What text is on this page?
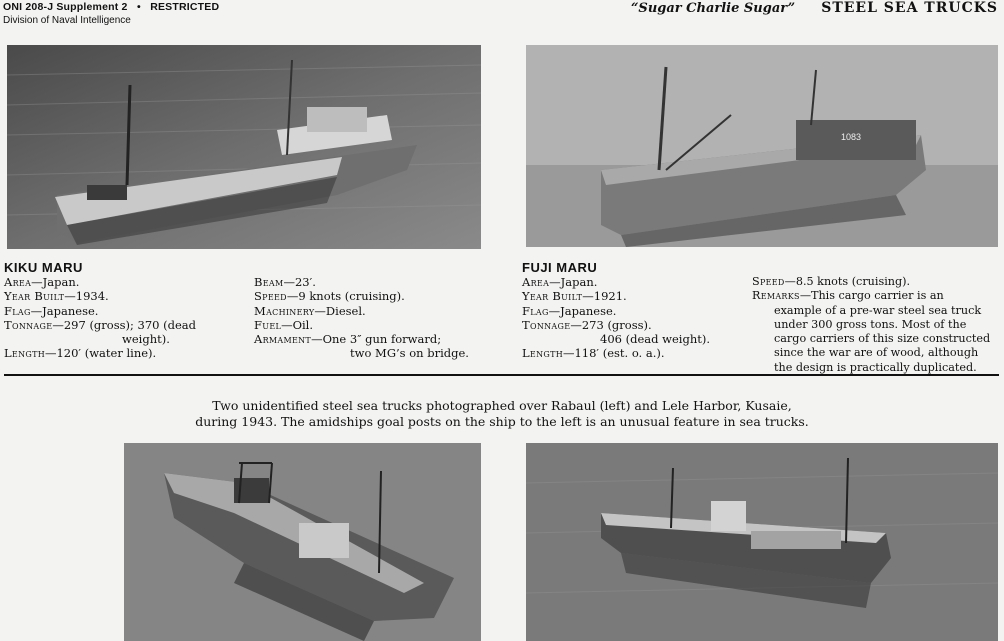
ONI 208-J Supplement 2 • RESTRICTED
Division of Naval Intelligence
“Sugar Charlie Sugar” STEEL SEA TRUCKS
1083
KIKU MARU
Area—Japan.
Year Built—1934.
Flag—Japanese.
Tonnage—297 (gross); 370 (dead
weight).
Length—120′ (water line).
Beam—23′.
Speed—9 knots (cruising).
Machinery—Diesel.
Fuel—Oil.
Armament—One 3″ gun forward;
two MG’s on bridge.
FUJI MARU
Area—Japan.
Year Built—1921.
Flag—Japanese.
Tonnage—273 (gross).
406 (dead weight).
Length—118′ (est. o. a.).
Speed—8.5 knots (cruising).
Remarks—This cargo carrier is an
example of a pre-war steel sea truck
under 300 gross tons. Most of the
cargo carriers of this size constructed
since the war are of wood, although
the design is practically duplicated.
Two unidentified steel sea trucks photographed over Rabaul (left) and Lele Harbor, Kusaie,
during 1943. The amidships goal posts on the ship to the left is an unusual feature in sea trucks.
